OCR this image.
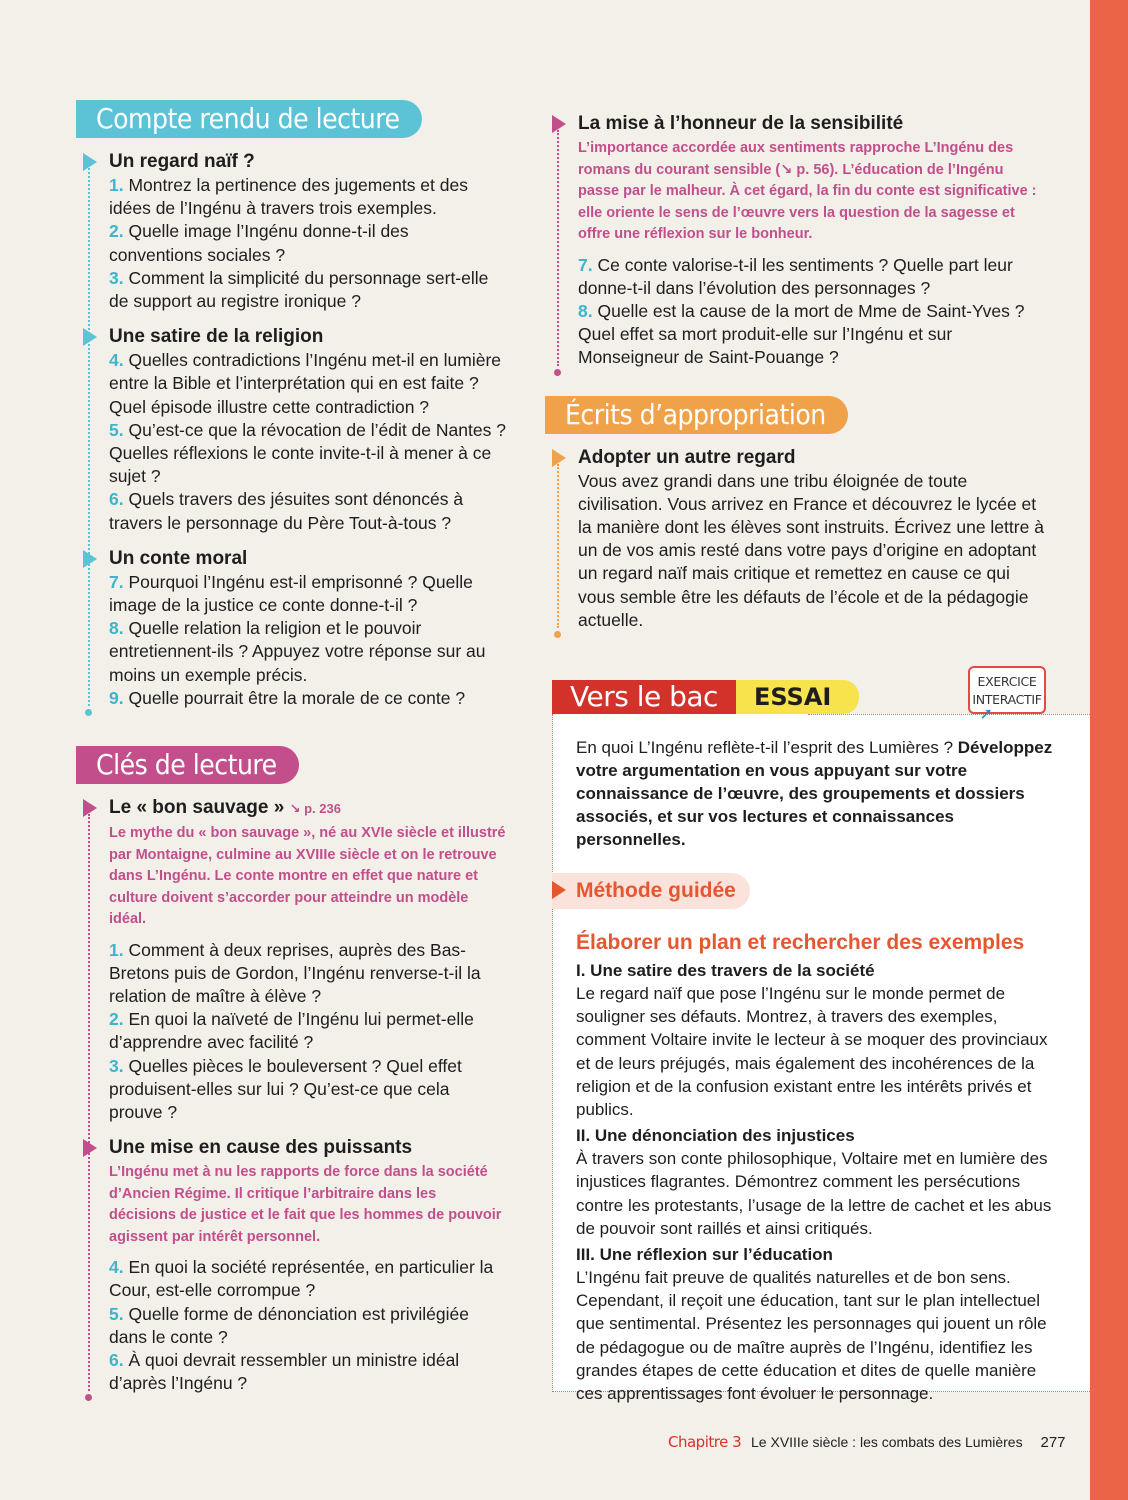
Compte rendu de lecture
Un regard naïf ?
1. Montrez la pertinence des jugements et des idées de l’Ingénu à travers trois exemples.
2. Quelle image l’Ingénu donne-t-il des conventions sociales ?
3. Comment la simplicité du personnage sert-elle de support au registre ironique ?
Une satire de la religion
4. Quelles contradictions l’Ingénu met-il en lumière entre la Bible et l’interprétation qui en est faite ? Quel épisode illustre cette contradiction ?
5. Qu’est-ce que la révocation de l’édit de Nantes ? Quelles réflexions le conte invite-t-il à mener à ce sujet ?
6. Quels travers des jésuites sont dénoncés à travers le personnage du Père Tout-à-tous ?
Un conte moral
7. Pourquoi l’Ingénu est-il emprisonné ? Quelle image de la justice ce conte donne-t-il ?
8. Quelle relation la religion et le pouvoir entretiennent-ils ? Appuyez votre réponse sur au moins un exemple précis.
9. Quelle pourrait être la morale de ce conte ?
Clés de lecture
Le « bon sauvage » ↘ p. 236
Le mythe du « bon sauvage », né au XVIe siècle et illustré par Montaigne, culmine au XVIIIe siècle et on le retrouve dans L’Ingénu. Le conte montre en effet que nature et culture doivent s’accorder pour atteindre un modèle idéal.
1. Comment à deux reprises, auprès des Bas-Bretons puis de Gordon, l’Ingénu renverse-t-il la relation de maître à élève ?
2. En quoi la naïveté de l’Ingénu lui permet-elle d’apprendre avec facilité ?
3. Quelles pièces le bouleversent ? Quel effet produisent-elles sur lui ? Qu’est-ce que cela prouve ?
Une mise en cause des puissants
L’Ingénu met à nu les rapports de force dans la société d’Ancien Régime. Il critique l’arbitraire dans les décisions de justice et le fait que les hommes de pouvoir agissent par intérêt personnel.
4. En quoi la société représentée, en particulier la Cour, est-elle corrompue ?
5. Quelle forme de dénonciation est privilégiée dans le conte ?
6. À quoi devrait ressembler un ministre idéal d’après l’Ingénu ?
La mise à l’honneur de la sensibilité
L’importance accordée aux sentiments rapproche L’Ingénu des romans du courant sensible (↘ p. 56). L’éducation de l’Ingénu passe par le malheur. À cet égard, la fin du conte est significative : elle oriente le sens de l’œuvre vers la question de la sagesse et offre une réflexion sur le bonheur.
7. Ce conte valorise-t-il les sentiments ? Quelle part leur donne-t-il dans l’évolution des personnages ?
8. Quelle est la cause de la mort de Mme de Saint-Yves ? Quel effet sa mort produit-elle sur l’Ingénu et sur Monseigneur de Saint-Pouange ?
Écrits d’appropriation
Adopter un autre regard
Vous avez grandi dans une tribu éloignée de toute civilisation. Vous arrivez en France et découvrez le lycée et la manière dont les élèves sont instruits. Écrivez une lettre à un de vos amis resté dans votre pays d’origine en adoptant un regard naïf mais critique et remettez en cause ce qui vous semble être les défauts de l’école et de la pédagogie actuelle.
Vers le bac	ESSAI
EXERCICE
INTERACTIF
➚
En quoi L’Ingénu reflète-t-il l’esprit des Lumières ? Développez votre argumentation en vous appuyant sur votre connaissance de l’œuvre, des groupements et dossiers associés, et sur vos lectures et connaissances personnelles.
Méthode guidée
Élaborer un plan et rechercher des exemples
I. Une satire des travers de la société
Le regard naïf que pose l’Ingénu sur le monde permet de souligner ses défauts. Montrez, à travers des exemples, comment Voltaire invite le lecteur à se moquer des provinciaux et de leurs préjugés, mais également des incohérences de la religion et de la confusion existant entre les intérêts privés et publics.
II. Une dénonciation des injustices
À travers son conte philosophique, Voltaire met en lumière des injustices flagrantes. Démontrez comment les persécutions contre les protestants, l’usage de la lettre de cachet et les abus de pouvoir sont raillés et ainsi critiqués.
III. Une réflexion sur l’éducation
L’Ingénu fait preuve de qualités naturelles et de bon sens. Cependant, il reçoit une éducation, tant sur le plan intellectuel que sentimental. Présentez les personnages qui jouent un rôle de pédagogue ou de maître auprès de l’Ingénu, identifiez les grandes étapes de cette éducation et dites de quelle manière ces apprentissages font évoluer le personnage.
Chapitre 3 Le XVIIIe siècle : les combats des Lumières 277
